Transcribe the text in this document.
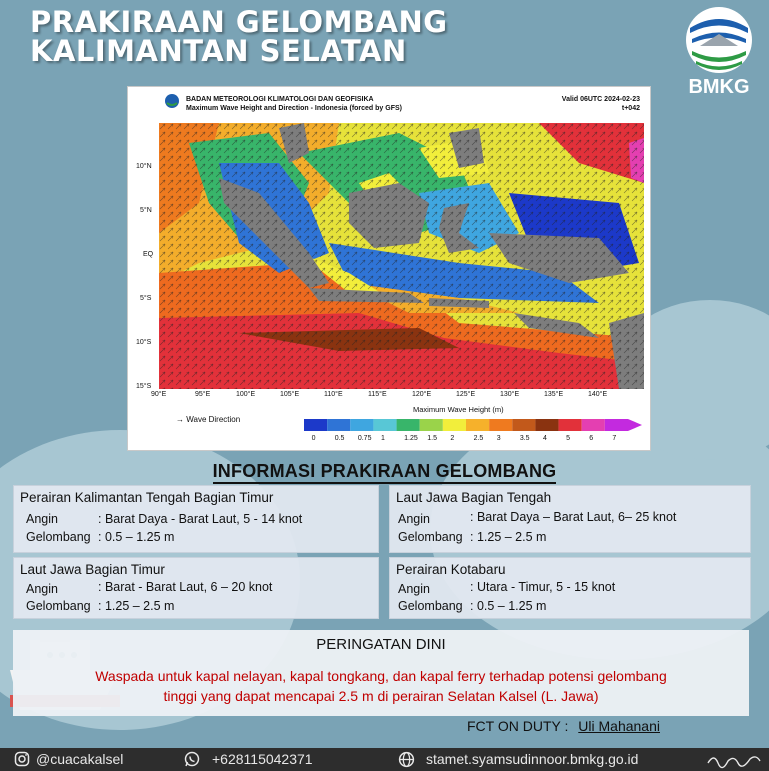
PRAKIRAAN GELOMBANG
KALIMANTAN SELATAN
BMKG
BADAN METEOROLOGI KLIMATOLOGI DAN GEOFISIKA
Maximum Wave Height and Direction - Indonesia (forced by GFS)
Valid 06UTC 2024-02-23
t+042
10°N
5°N
EQ
5°S
10°S
15°S
90°E	95°E	100°E	105°E	110°E	115°E	120°E	125°E	130°E	135°E	140°E
Maximum Wave Height (m)
→ Wave Direction
0	0.5 0.75 1	1.25 1.5 2	2.5 3	3.5 4	5	6	7
INFORMASI PRAKIRAAN GELOMBANG
Perairan Kalimantan Tengah Bagian Timur
Angin	: Barat Daya - Barat Laut, 5 - 14 knot
Gelombang : 0.5 – 1.25 m
Laut Jawa Bagian Tengah
Angin	: Barat Daya – Barat Laut, 6– 25 knot
Gelombang : 1.25 – 2.5 m
Laut Jawa Bagian Timur
Angin	: Barat - Barat Laut, 6 – 20 knot
Gelombang : 1.25 – 2.5 m
Perairan Kotabaru
Angin	: Utara - Timur, 5 - 15 knot
Gelombang : 0.5 – 1.25 m
PERINGATAN DINI
Waspada untuk kapal nelayan, kapal tongkang, dan kapal ferry terhadap potensi gelombang
tinggi yang dapat mencapai 2.5 m di perairan Selatan Kalsel (L. Jawa)
FCT ON DUTY : Uli Mahanani
@cuacakalsel	+628115042371	stamet.syamsudinnoor.bmkg.go.id
